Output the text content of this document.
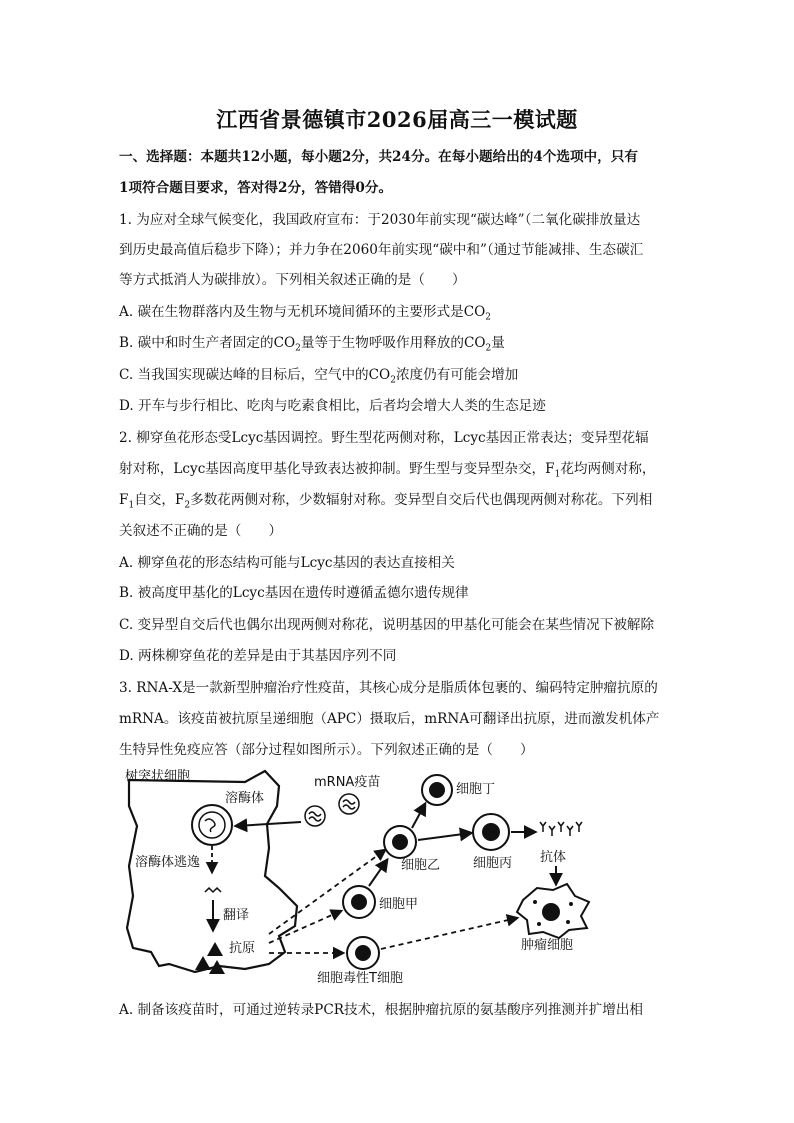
江西省景德镇市2026届高三一模试题
一、选择题：本题共12小题，每小题2分，共24分。在每小题给出的4个选项中，只有
1项符合题目要求，答对得2分，答错得0分。
1. 为应对全球气候变化，我国政府宣布：于2030年前实现“碳达峰”（二氧化碳排放量达
到历史最高值后稳步下降）；并力争在2060年前实现“碳中和”（通过节能减排、生态碳汇
等方式抵消人为碳排放）。下列相关叙述正确的是（　　）
A. 碳在生物群落内及生物与无机环境间循环的主要形式是$CO_2$
B. 碳中和时生产者固定的$CO_2$量等于生物呼吸作用释放的$CO_2$量
C. 当我国实现碳达峰的目标后，空气中的$CO_2$浓度仍有可能会增加
D. 开车与步行相比、吃肉与吃素食相比，后者均会增大人类的生态足迹
2. 柳穿鱼花形态受Lcyc基因调控。野生型花两侧对称，Lcyc基因正常表达；变异型花辐
射对称，Lcyc基因高度甲基化导致表达被抑制。野生型与变异型杂交，$F_1$花均两侧对称，
$F_1$自交，$F_2$多数花两侧对称，少数辐射对称。变异型自交后代也偶现两侧对称花。下列相
关叙述不正确的是（　　）
A. 柳穿鱼花的形态结构可能与Lcyc基因的表达直接相关
B. 被高度甲基化的Lcyc基因在遗传时遵循孟德尔遗传规律
C. 变异型自交后代也偶尔出现两侧对称花，说明基因的甲基化可能会在某些情况下被解除
D. 两株柳穿鱼花的差异是由于其基因序列不同
3. RNA-X是一款新型肿瘤治疗性疫苗，其核心成分是脂质体包裹的、编码特定肿瘤抗原的
mRNA。该疫苗被抗原呈递细胞（APC）摄取后，mRNA可翻译出抗原，进而激发机体产
生特异性免疫应答（部分过程如图所示）。下列叙述正确的是（　　）
树突状细胞
溶酶体
mRNA疫苗
溶酶体逃逸
翻译
抗原
细胞甲
细胞乙
细胞丁
细胞丙 抗体
肿瘤细胞
细胞毒性T细胞
A. 制备该疫苗时，可通过逆转录PCR技术，根据肿瘤抗原的氨基酸序列推测并扩增出相
